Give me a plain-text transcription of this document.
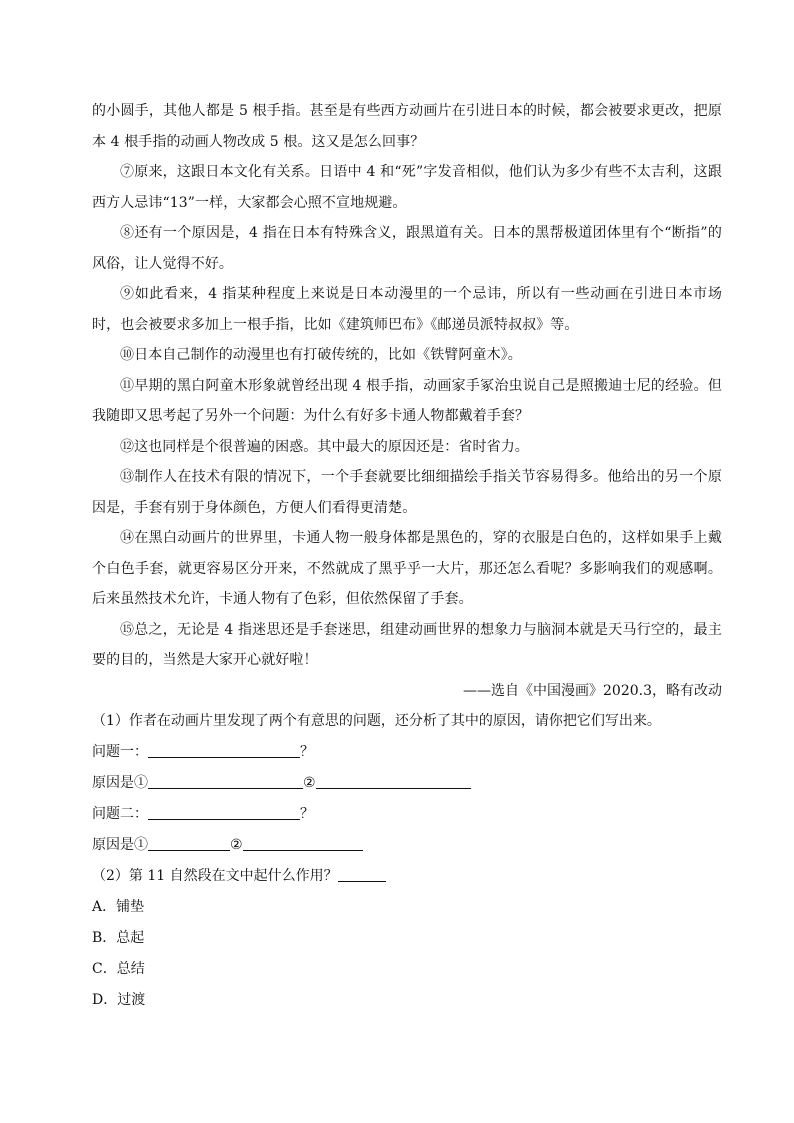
的小圆手，其他人都是 5 根手指。甚至是有些西方动画片在引进日本的时候，都会被要求更改，把原本 4 根手指的动画人物改成 5 根。这又是怎么回事？

⑦原来，这跟日本文化有关系。日语中 4 和“死”字发音相似，他们认为多少有些不太吉利，这跟西方人忌讳“13”一样，大家都会心照不宣地规避。

⑧还有一个原因是，4 指在日本有特殊含义，跟黑道有关。日本的黑帮极道团体里有个“断指”的风俗，让人觉得不好。

⑨如此看来，4 指某种程度上来说是日本动漫里的一个忌讳，所以有一些动画在引进日本市场时，也会被要求多加上一根手指，比如《建筑师巴布》《邮递员派特叔叔》等。

⑩日本自己制作的动漫里也有打破传统的，比如《铁臂阿童木》。

⑪早期的黑白阿童木形象就曾经出现 4 根手指，动画家手冢治虫说自己是照搬迪士尼的经验。但我随即又思考起了另外一个问题：为什么有好多卡通人物都戴着手套？

⑫这也同样是个很普遍的困惑。其中最大的原因还是：省时省力。

⑬制作人在技术有限的情况下，一个手套就要比细细描绘手指关节容易得多。他给出的另一个原因是，手套有别于身体颜色，方便人们看得更清楚。

⑭在黑白动画片的世界里，卡通人物一般身体都是黑色的，穿的衣服是白色的，这样如果手上戴个白色手套，就更容易区分开来，不然就成了黑乎乎一大片，那还怎么看呢？多影响我们的观感啊。后来虽然技术允许，卡通人物有了色彩，但依然保留了手套。

⑮总之，无论是 4 指迷思还是手套迷思，组建动画世界的想象力与脑洞本就是天马行空的，最主要的目的，当然是大家开心就好啦！

——选自《中国漫画》2020.3，略有改动

（1）作者在动画片里发现了两个有意思的问题，还分析了其中的原因，请你把它们写出来。

问题一：	？

原因是①	②

问题二：	？

原因是①	②

（2）第 11 自然段在文中起什么作用？

A．铺垫

B．总起

C．总结

D．过渡
